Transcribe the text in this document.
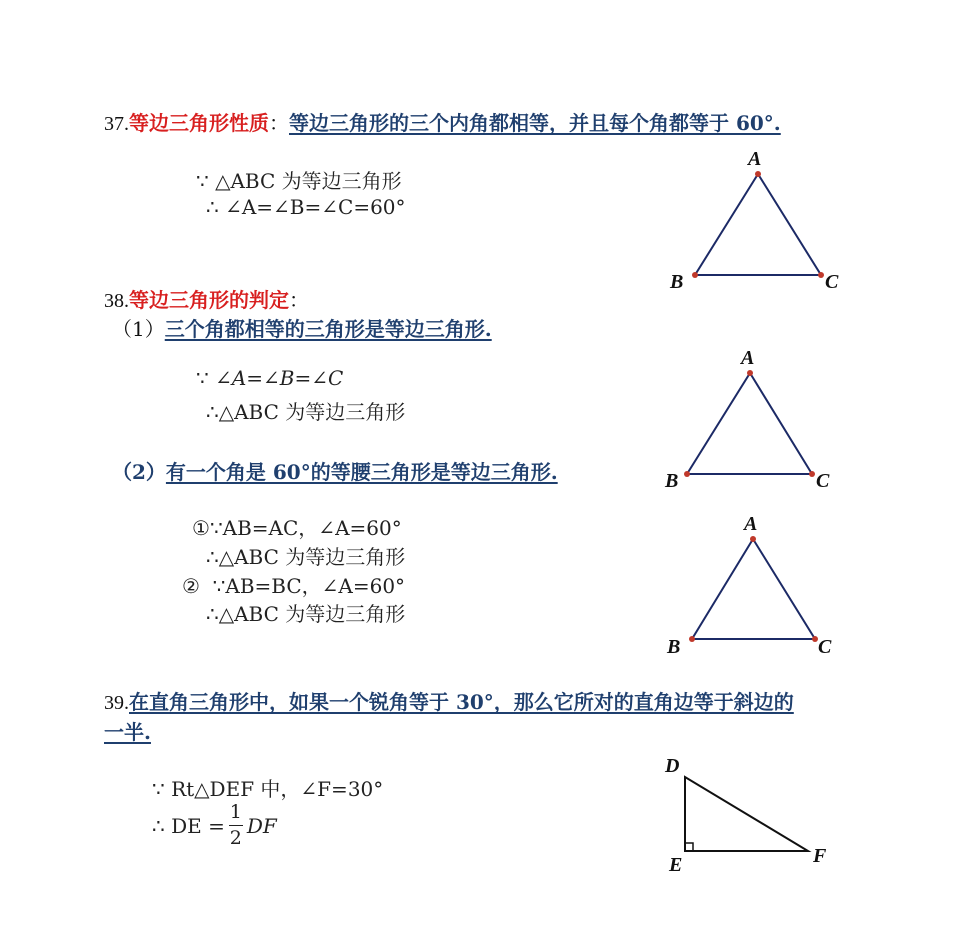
37.等边三角形性质：等边三角形的三个内角都相等，并且每个角都等于 60°.
∵ △ABC 为等边三角形
∴ ∠A=∠B=∠C=60°
A
B	C
38.等边三角形的判定：
（1）三个角都相等的三角形是等边三角形.
∵ ∠A=∠B=∠C
∴△ABC 为等边三角形
A
B	C
（2）有一个角是 60°的等腰三角形是等边三角形.
①∵AB=AC，∠A=60°
∴△ABC 为等边三角形
② ∵AB=BC，∠A=60°
∴△ABC 为等边三角形
A
B	C
39.在直角三角形中，如果一个锐角等于 30°，那么它所对的直角边等于斜边的
一半.
∵ Rt△DEF 中，∠F=30°
∴ DE = $\frac{1}{2}$ DF
D
E	F
